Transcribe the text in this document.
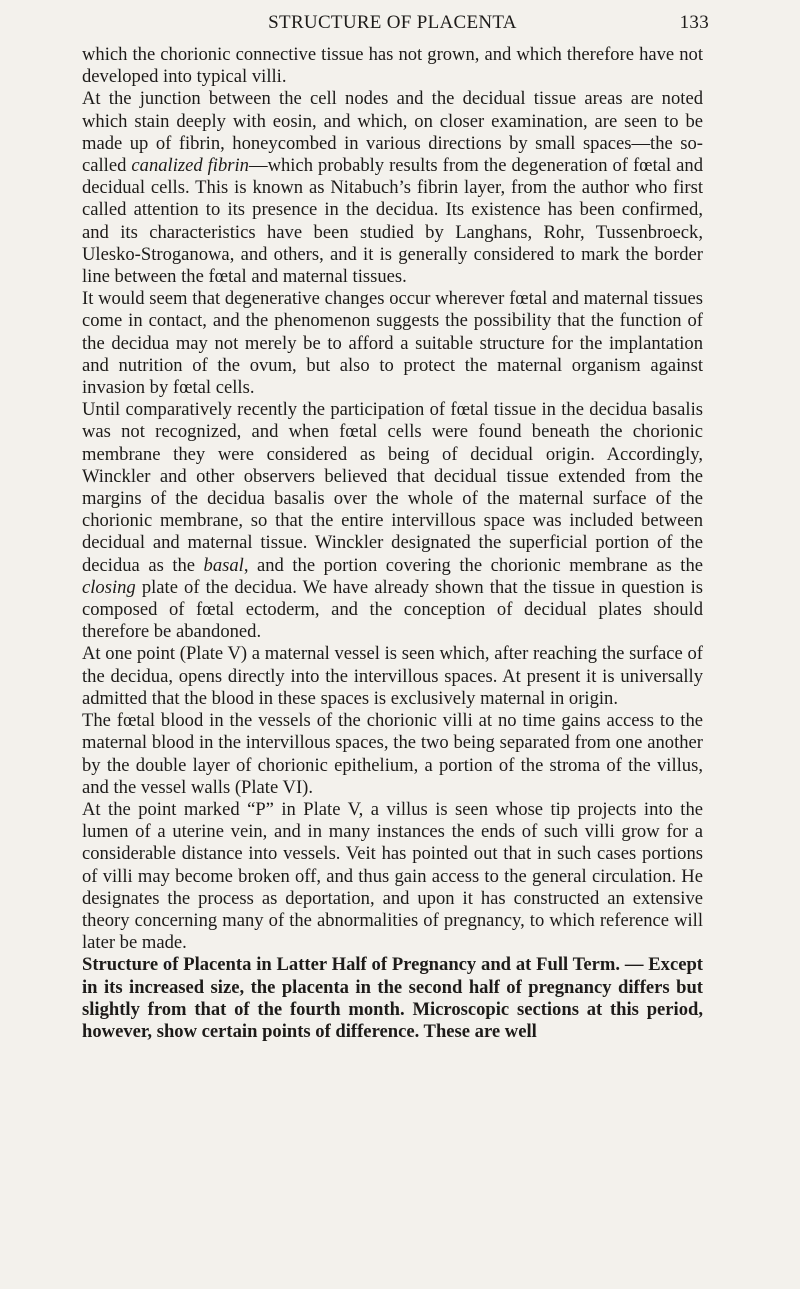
STRUCTURE OF PLACENTA	133

which the chorionic connective tissue has not grown, and which therefore have not developed into typical villi.

At the junction between the cell nodes and the decidual tissue areas are noted which stain deeply with eosin, and which, on closer examination, are seen to be made up of fibrin, honeycombed in various directions by small spaces—the so-called canalized fibrin—which probably results from the degeneration of fœtal and decidual cells. This is known as Nitabuch’s fibrin layer, from the author who first called attention to its presence in the decidua. Its existence has been confirmed, and its characteristics have been studied by Langhans, Rohr, Tussenbroeck, Ulesko-Stroganowa, and others, and it is generally considered to mark the border line between the fœtal and maternal tissues.

It would seem that degenerative changes occur wherever fœtal and maternal tissues come in contact, and the phenomenon suggests the possibility that the function of the decidua may not merely be to afford a suitable structure for the implantation and nutrition of the ovum, but also to protect the maternal organism against invasion by fœtal cells.

Until comparatively recently the participation of fœtal tissue in the decidua basalis was not recognized, and when fœtal cells were found beneath the chorionic membrane they were considered as being of decidual origin. Accordingly, Winckler and other observers believed that decidual tissue extended from the margins of the decidua basalis over the whole of the maternal surface of the chorionic membrane, so that the entire intervillous space was included between decidual and maternal tissue. Winckler designated the superficial portion of the decidua as the basal, and the portion covering the chorionic membrane as the closing plate of the decidua. We have already shown that the tissue in question is composed of fœtal ectoderm, and the conception of decidual plates should therefore be abandoned.

At one point (Plate V) a maternal vessel is seen which, after reaching the surface of the decidua, opens directly into the intervillous spaces. At present it is universally admitted that the blood in these spaces is exclusively maternal in origin.

The fœtal blood in the vessels of the chorionic villi at no time gains access to the maternal blood in the intervillous spaces, the two being separated from one another by the double layer of chorionic epithelium, a portion of the stroma of the villus, and the vessel walls (Plate VI).

At the point marked “P” in Plate V, a villus is seen whose tip projects into the lumen of a uterine vein, and in many instances the ends of such villi grow for a considerable distance into vessels. Veit has pointed out that in such cases portions of villi may become broken off, and thus gain access to the general circulation. He designates the process as deportation, and upon it has constructed an extensive theory concerning many of the abnormalities of pregnancy, to which reference will later be made.

Structure of Placenta in Latter Half of Pregnancy and at Full Term. — Except in its increased size, the placenta in the second half of pregnancy differs but slightly from that of the fourth month. Microscopic sections at this period, however, show certain points of difference. These are well
